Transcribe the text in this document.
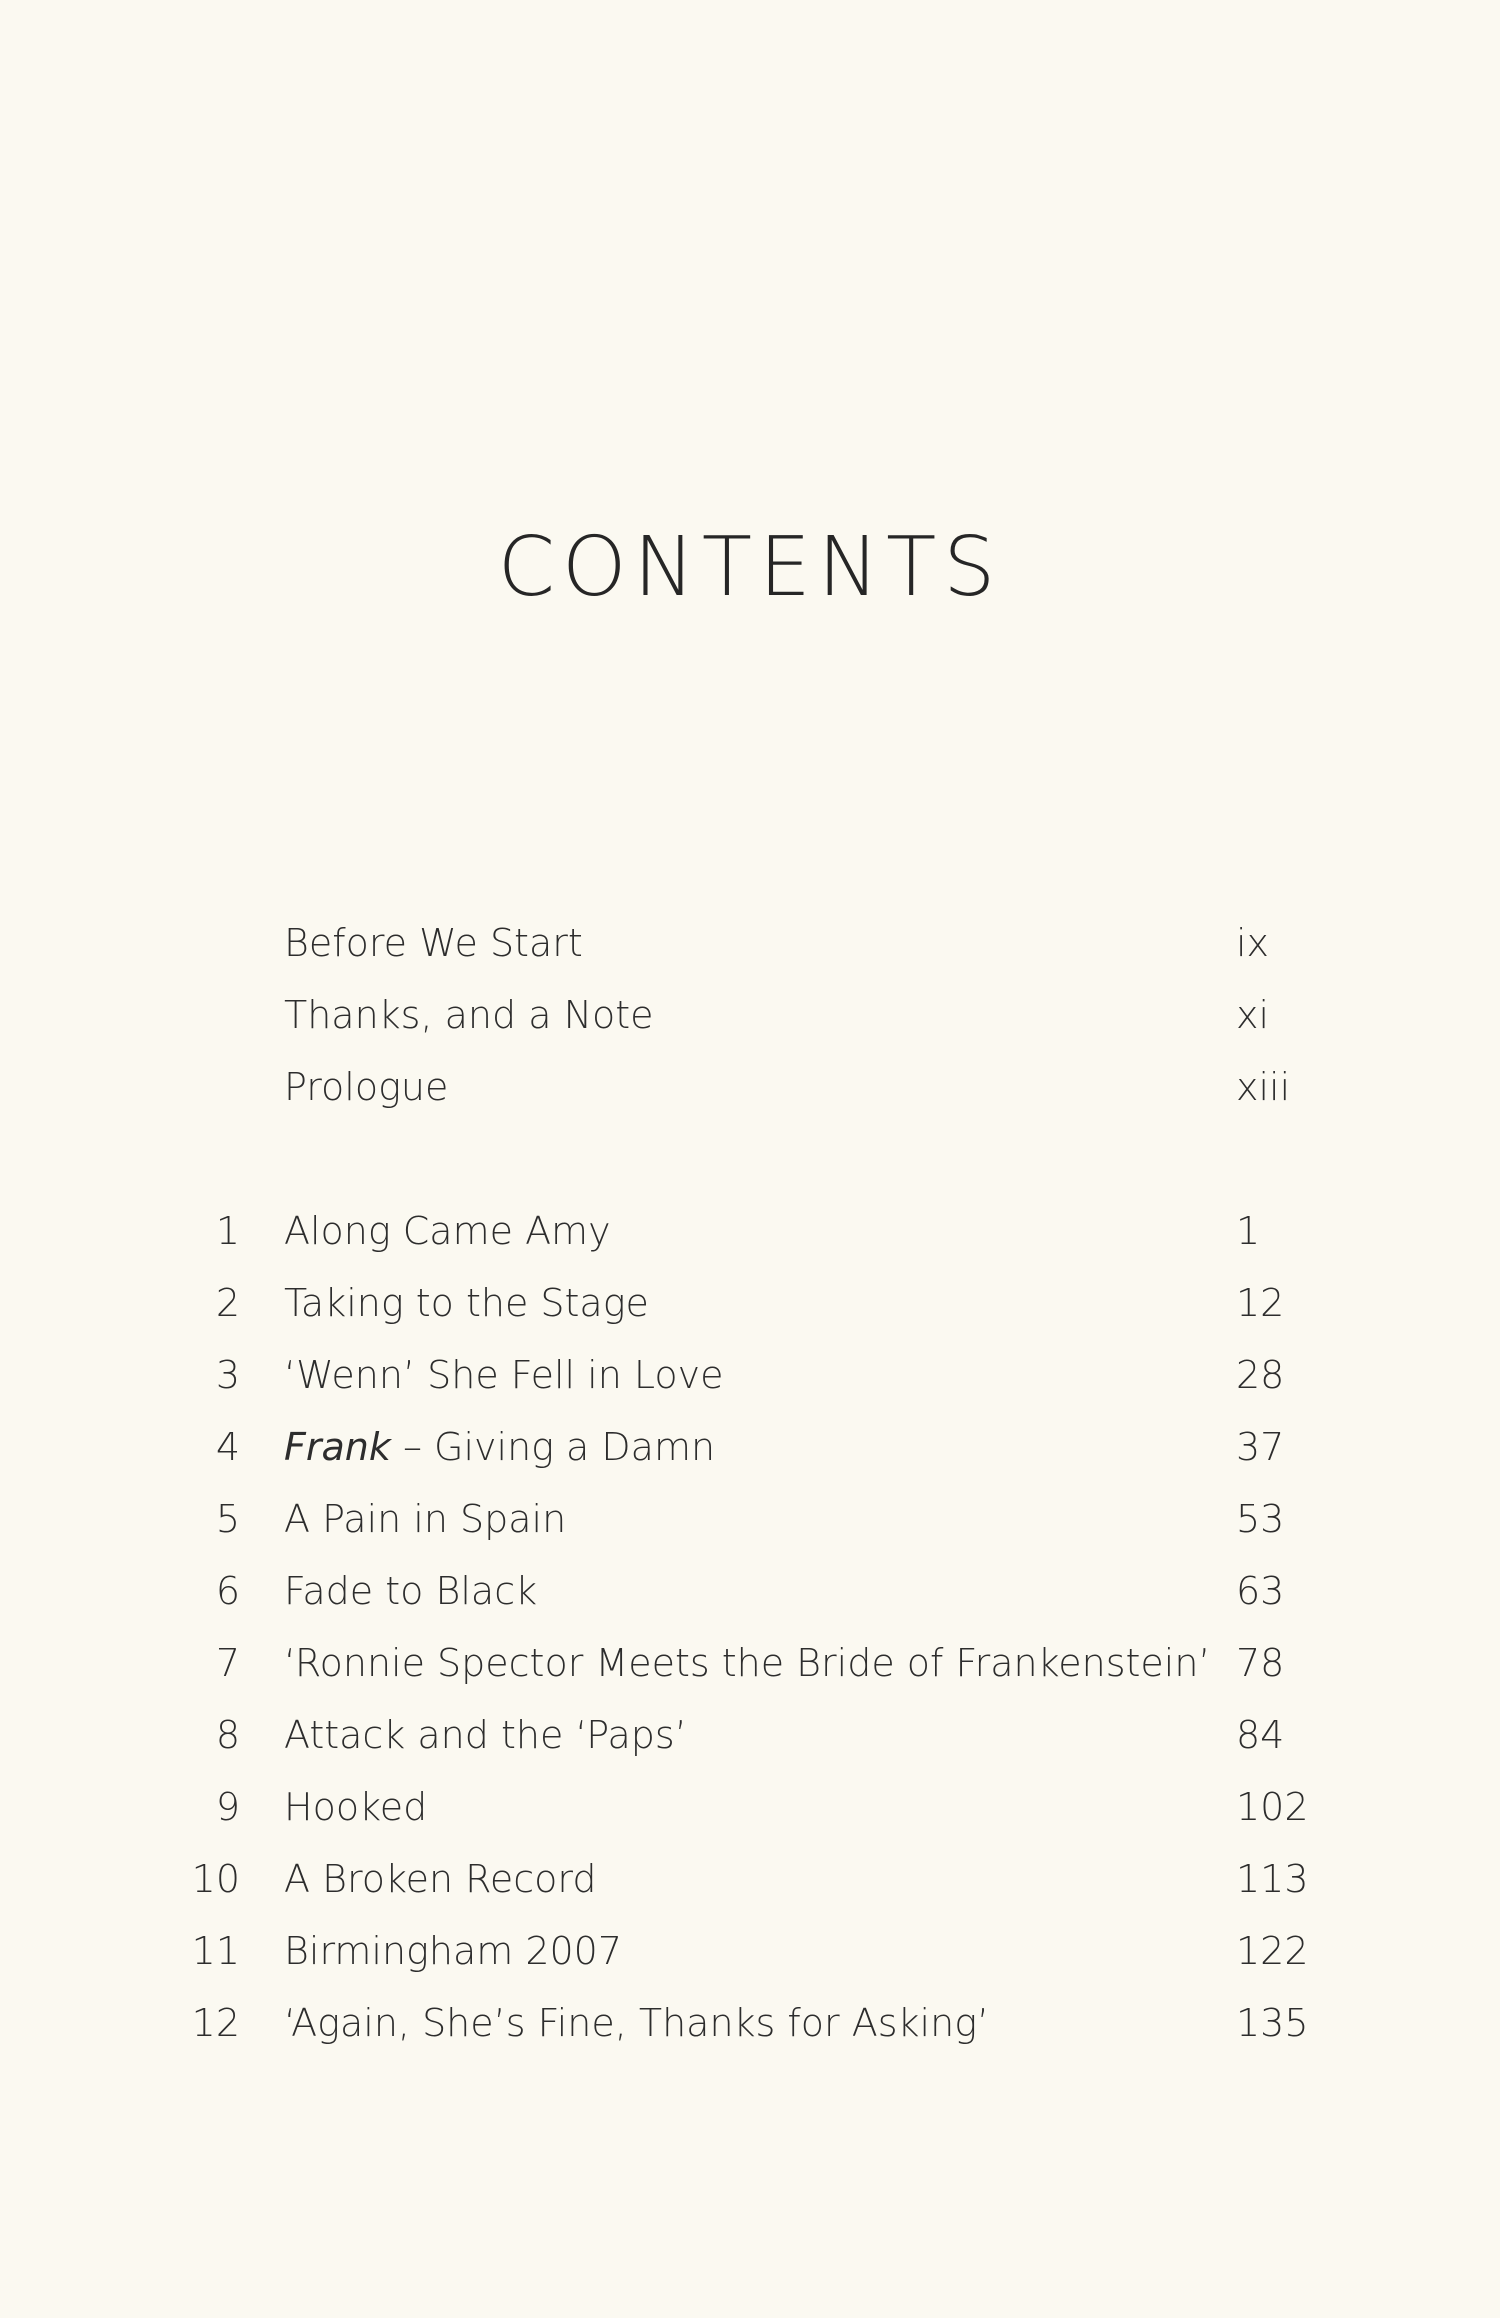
CONTENTS
Before We Start	ix
Thanks, and a Note	xi
Prologue	xiii
1 Along Came Amy	1
2 Taking to the Stage	12
3 ‘Wenn’ She Fell in Love	28
4 Frank – Giving a Damn	37
5 A Pain in Spain	53
6 Fade to Black	63
7 ‘Ronnie Spector Meets the Bride of Frankenstein’ 78
8 Attack and the ‘Paps’	84
9 Hooked	102
10 A Broken Record	113
11 Birmingham 2007	122
12 ‘Again, She’s Fine, Thanks for Asking’	135
